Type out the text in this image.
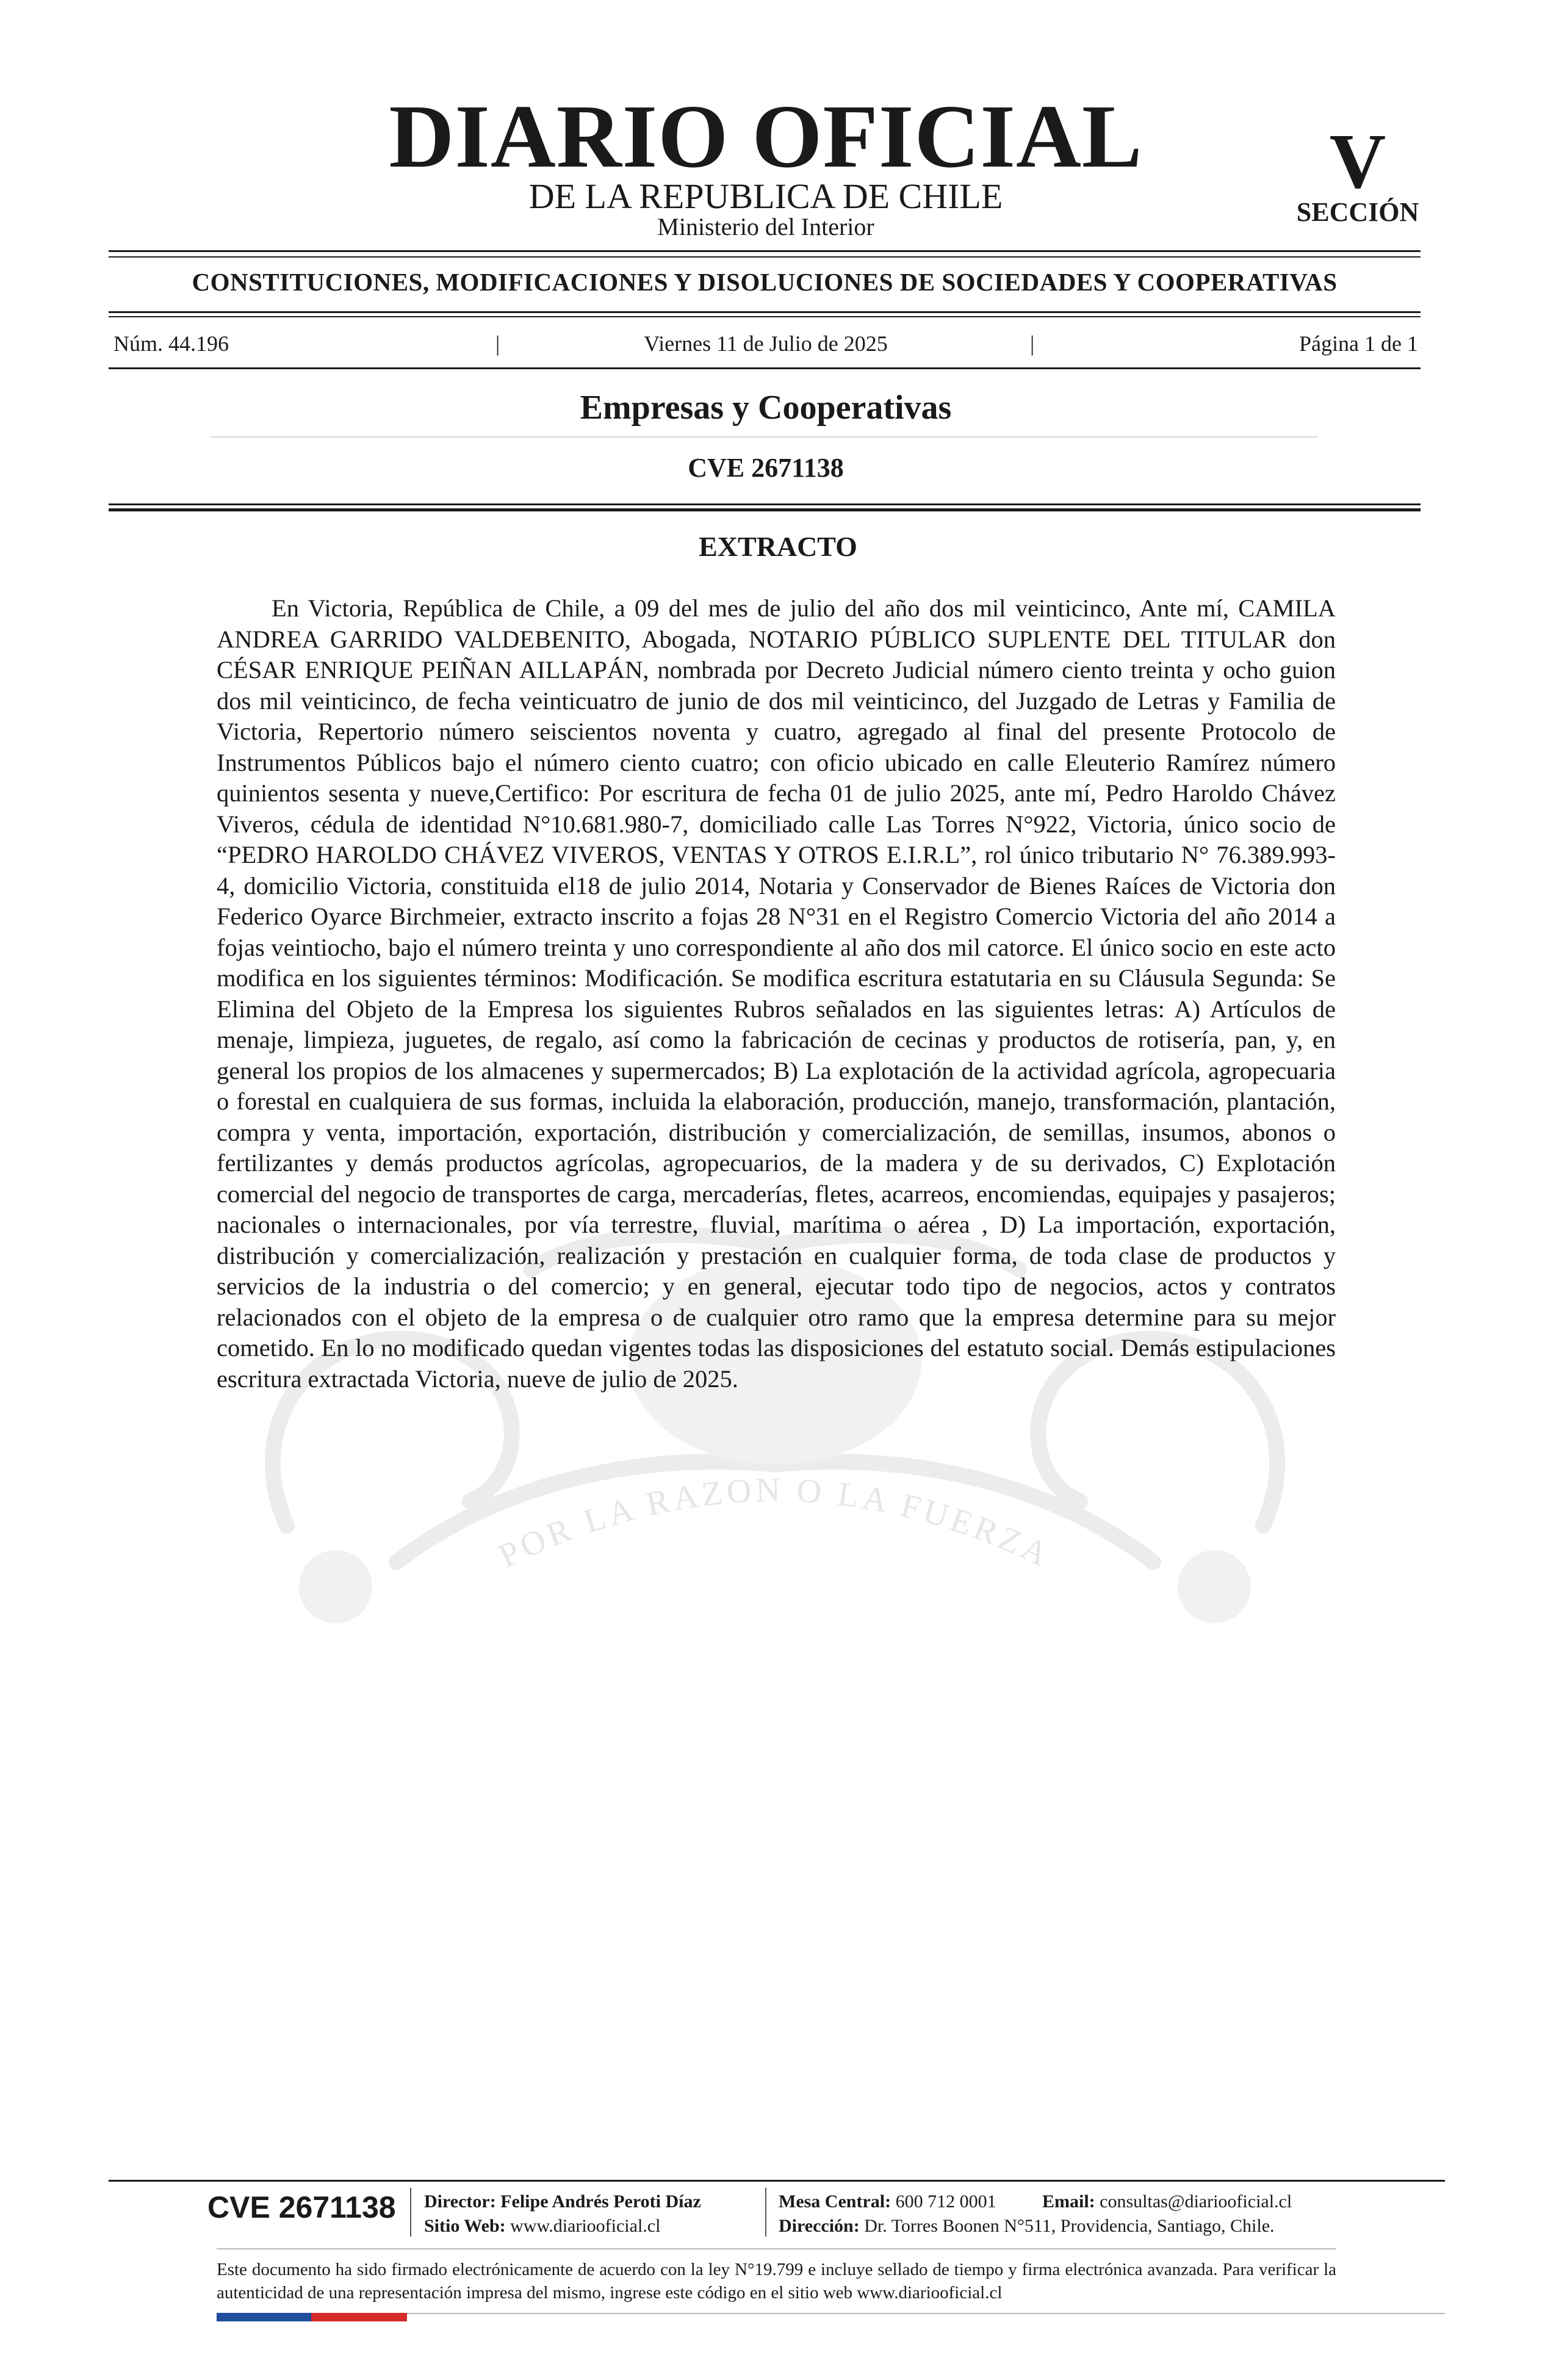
DIARIO OFICIAL
DE LA REPUBLICA DE CHILE
Ministerio del Interior
V
SECCIÓN
CONSTITUCIONES, MODIFICACIONES Y DISOLUCIONES DE SOCIEDADES Y COOPERATIVAS
Núm. 44.196	|	Viernes 11 de Julio de 2025	|	Página 1 de 1
Empresas y Cooperativas
CVE 2671138
POR LA RAZON O LA FUERZA
EXTRACTO
En Victoria, República de Chile, a 09 del mes de julio del año dos mil veinticinco, Ante mí, CAMILA ANDREA GARRIDO VALDEBENITO, Abogada, NOTARIO PÚBLICO SUPLENTE DEL TITULAR don CÉSAR ENRIQUE PEIÑAN AILLAPÁN, nombrada por Decreto Judicial número ciento treinta y ocho guion dos mil veinticinco, de fecha veinticuatro de junio de dos mil veinticinco, del Juzgado de Letras y Familia de Victoria, Repertorio número seiscientos noventa y cuatro, agregado al final del presente Protocolo de Instrumentos Públicos bajo el número ciento cuatro; con oficio ubicado en calle Eleuterio Ramírez número quinientos sesenta y nueve,Certifico: Por escritura de fecha 01 de julio 2025, ante mí, Pedro Haroldo Chávez Viveros, cédula de identidad N°10.681.980-7, domiciliado calle Las Torres N°922, Victoria, único socio de “PEDRO HAROLDO CHÁVEZ VIVEROS, VENTAS Y OTROS E.I.R.L”, rol único tributario N° 76.389.993-4, domicilio Victoria, constituida el18 de julio 2014, Notaria y Conservador de Bienes Raíces de Victoria don Federico Oyarce Birchmeier, extracto inscrito a fojas 28 N°31 en el Registro Comercio Victoria del año 2014 a fojas veintiocho, bajo el número treinta y uno correspondiente al año dos mil catorce. El único socio en este acto modifica en los siguientes términos: Modificación. Se modifica escritura estatutaria en su Cláusula Segunda: Se Elimina del Objeto de la Empresa los siguientes Rubros señalados en las siguientes letras: A) Artículos de menaje, limpieza, juguetes, de regalo, así como la fabricación de cecinas y productos de rotisería, pan, y, en general los propios de los almacenes y supermercados; B) La explotación de la actividad agrícola, agropecuaria o forestal en cualquiera de sus formas, incluida la elaboración, producción, manejo, transformación, plantación, compra y venta, importación, exportación, distribución y comercialización, de semillas, insumos, abonos o fertilizantes y demás productos agrícolas, agropecuarios, de la madera y de su derivados, C) Explotación comercial del negocio de transportes de carga, mercaderías, fletes, acarreos, encomiendas, equipajes y pasajeros; nacionales o internacionales, por vía terrestre, fluvial, marítima o aérea , D) La importación, exportación, distribución y comercialización, realización y prestación en cualquier forma, de toda clase de productos y servicios de la industria o del comercio; y en general, ejecutar todo tipo de negocios, actos y contratos relacionados con el objeto de la empresa o de cualquier otro ramo que la empresa determine para su mejor cometido. En lo no modificado quedan vigentes todas las disposiciones del estatuto social. Demás estipulaciones escritura extractada Victoria, nueve de julio de 2025.
CVE 2671138 Director: Felipe Andrés Peroti Díaz
Sitio Web: www.diariooficial.cl
Mesa Central: 600 712 0001	Email: consultas@diariooficial.cl
Dirección: Dr. Torres Boonen N°511, Providencia, Santiago, Chile.
Este documento ha sido firmado electrónicamente de acuerdo con la ley N°19.799 e incluye sellado de tiempo y firma electrónica avanzada. Para verificar la autenticidad de una representación impresa del mismo, ingrese este código en el sitio web www.diariooficial.cl
